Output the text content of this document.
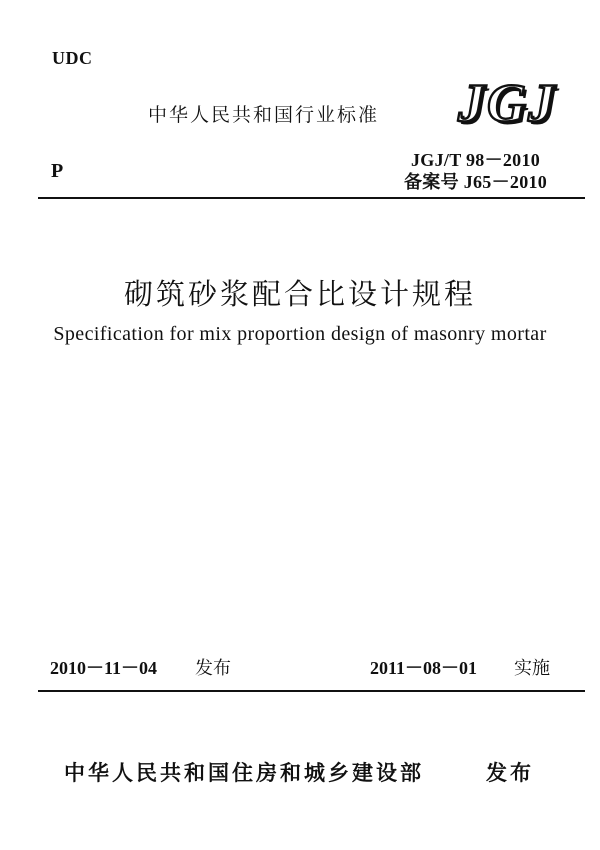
UDC
中华人民共和国行业标准 JGJ
P	JGJ/T 98－2010
备案号 J65－2010
砌筑砂浆配合比设计规程
Specification for mix proportion design of masonry mortar
2010－11－04 发布	2011－08－01 实施
中华人民共和国住房和城乡建设部	发布
